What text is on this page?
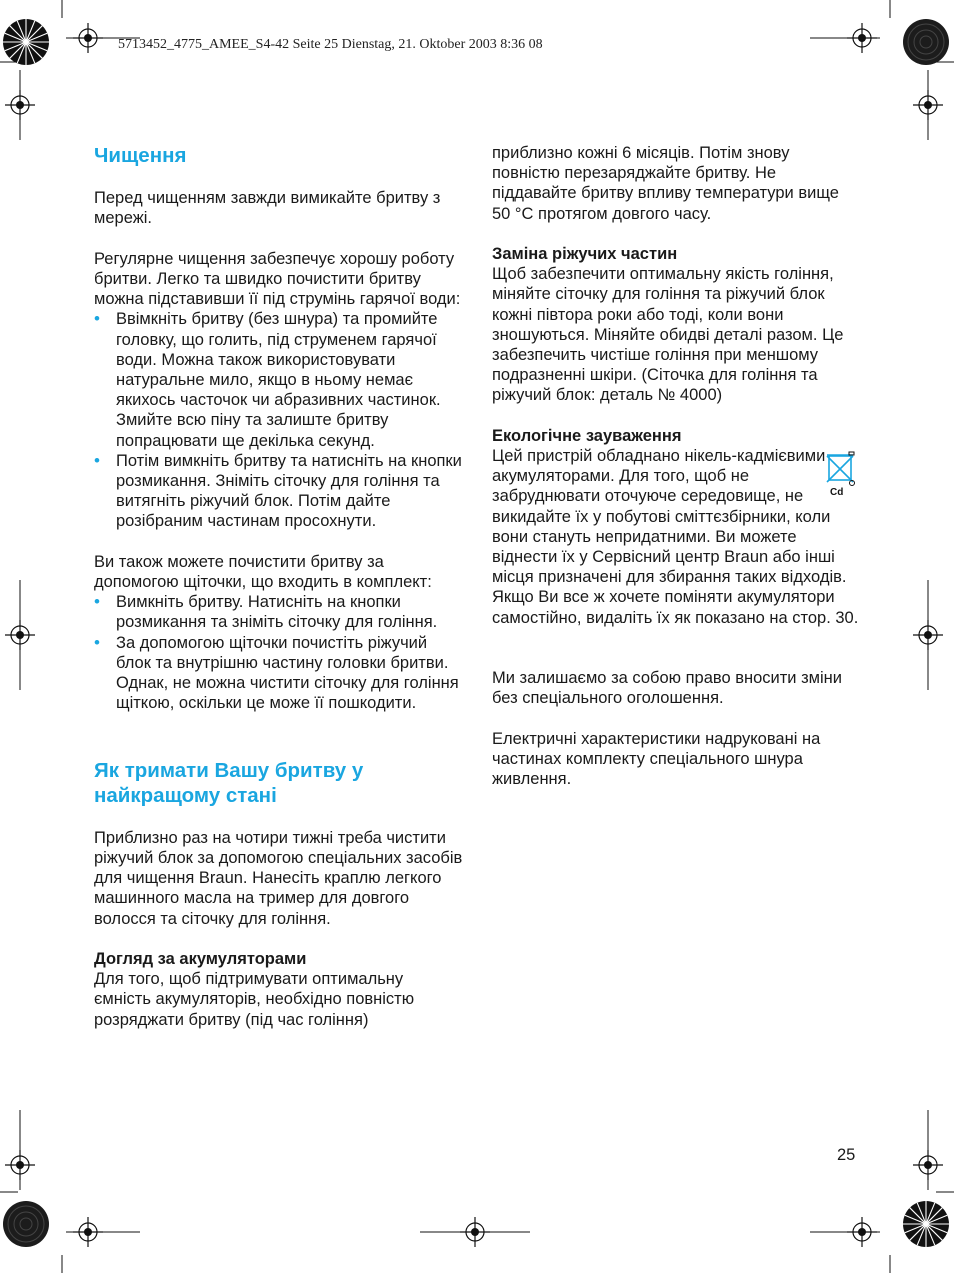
5713452_4775_AMEE_S4-42 Seite 25 Dienstag, 21. Oktober 2003 8:36 08
Чищення

Перед чищенням завжди вимикайте бритву з мережі.

Регулярне чищення забезпечує хорошу роботу бритви. Легко та швидко почистити бритву можна підставивши її під струмінь гарячої води:

• Ввімкніть бритву (без шнура) та промийте головку, що голить, під струменем гарячої води. Можна також використовувати натуральне мило, якщо в ньому немає якихось часточок чи абразивних частинок. Змийте всю піну та залиште бритву попрацювати ще декілька секунд.
• Потім вимкніть бритву та натисніть на кнопки розмикання. Зніміть сіточку для гоління та витягніть ріжучий блок. Потім дайте розібраним частинам просохнути.

Ви також можете почистити бритву за допомогою щіточки, що входить в комплект:

• Вимкніть бритву. Натисніть на кнопки розмикання та зніміть сіточку для гоління.
• За допомогою щіточки почистіть ріжучий блок та внутрішню частину головки бритви. Однак, не можна чистити сіточку для гоління щіткою, оскільки це може її пошкодити.
Як тримати Вашу бритву у найкращому стані

Приблизно раз на чотири тижні треба чистити ріжучий блок за допомогою спеціальних засобів для чищення Braun. Нанесіть краплю легкого машинного масла на тример для довгого волосся та сіточку для гоління.

Догляд за акумуляторами

Для того, щоб підтримувати оптимальну ємність акумуляторів, необхідно повністю розряджати бритву (під час гоління)

приблизно кожні 6 місяців. Потім знову повністю перезаряджайте бритву. Не піддавайте бритву впливу температури вище 50 °С протягом довгого часу.

Заміна ріжучих частин

Щоб забезпечити оптимальну якість гоління, міняйте сіточку для гоління та ріжучий блок кожні півтора роки або тоді, коли вони зношуються. Міняйте обидві деталі разом. Це забезпечить чистіше гоління при меншому подразненні шкіри. (Сіточка для гоління та ріжучий блок: деталь № 4000)

Екологічне зауваження

Цей пристрій обладнано нікель-кадмієвими акумуляторами. Для того, щоб не забруднювати оточуюче середовище, не викидайте їх у побутові сміттєзбірники, коли вони стануть непридатними. Ви можете віднести їх у Сервісний центр Braun або інші місця призначені для збирання таких відходів. Якщо Ви все ж хочете поміняти акумулятори самостійно, видаліть їх як показано на стор. 30.

Cd

Ми залишаємо за собою право вносити зміни без спеціального оголошення.

Електричні характеристики надруковані на частинах комплекту спеціального шнура живлення.

25
